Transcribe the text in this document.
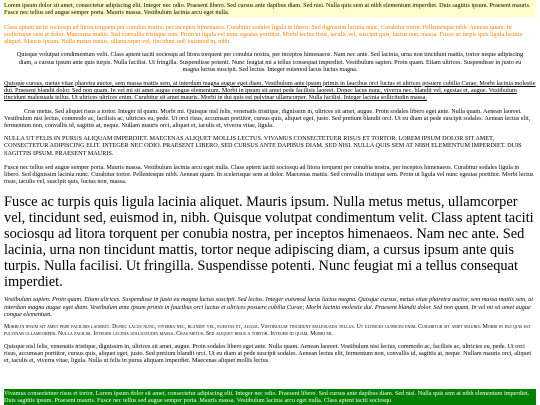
Lorem ipsum dolor sit amet, consectetur adipiscing elit. Integer nec odio. Praesent libero. Sed cursus ante dapibus diam. Sed nisi. Nulla quis sem at nibh elementum imperdiet. Duis sagittis ipsum. Praesent mauris. Fusce nec tellus sed augue semper porta. Mauris massa. Vestibulum lacinia arcu eget nulla.

Class aptent taciti sociosqu ad litora torquent per conubia nostra, per inceptos himenaeos. Curabitur sodales ligula in libero. Sed dignissim lacinia nunc. Curabitur tortor. Pellentesque nibh. Aenean quam. In scelerisque sem at dolor. Maecenas mattis. Sed convallis tristique sem. Proin ut ligula vel nunc egestas porttitor. Morbi lectus risus, iaculis vel, suscipit quis, luctus non, massa. Fusce ac turpis quis ligula lacinia aliquet. Mauris ipsum. Nulla metus metus, ullamcorper vel, tincidunt sed, euismod in, nibh.

Quisque volutpat condimentum velit. Class aptent taciti sociosqu ad litora torquent per conubia nostra, per inceptos himenaeos. Nam nec ante. Sed lacinia, urna non tincidunt mattis, tortor neque adipiscing diam, a cursus ipsum ante quis turpis. Nulla facilisi. Ut fringilla. Suspendisse potenti. Nunc feugiat mi a tellus consequat imperdiet. Vestibulum sapien. Proin quam. Etiam ultrices. Suspendisse in justo eu magna luctus suscipit. Sed lectus. Integer euismod lacus luctus magna.

Quisque cursus, metus vitae pharetra auctor, sem massa mattis sem, at interdum magna augue eget diam. Vestibulum ante ipsum primis in faucibus orci luctus et ultrices posuere cubilia Curae; Morbi lacinia molestie dui. Praesent blandit dolor. Sed non quam. In vel mi sit amet augue congue elementum. Morbi in ipsum sit amet pede facilisis laoreet. Donec lacus nunc, viverra nec, blandit vel, egestas et, augue. Vestibulum tincidunt malesuada tellus. Ut ultrices ultrices enim. Curabitur sit amet mauris. Morbi in dui quis est pulvinar ullamcorper. Nulla facilisi. Integer lacinia sollicitudin massa.

Cras metus. Sed aliquet risus a tortor. Integer id quam. Morbi mi. Quisque nisl felis, venenatis tristique, dignissim in, ultrices sit amet, augue. Proin sodales libero eget ante. Nulla quam. Aenean laoreet. Vestibulum nisi lectus, commodo ac, facilisis ac, ultricies eu, pede. Ut orci risus, accumsan porttitor, cursus quis, aliquet eget, justo. Sed pretium blandit orci. Ut eu diam at pede suscipit sodales. Aenean lectus elit, fermentum non, convallis id, sagittis at, neque. Nullam mauris orci, aliquet et, iaculis et, viverra vitae, ligula.

NULLA UT FELIS IN PURUS ALIQUAM IMPERDIET. MAECENAS ALIQUET MOLLIS LECTUS. VIVAMUS CONSECTETUER RISUS ET TORTOR. LOREM IPSUM DOLOR SIT AMET, CONSECTETUR ADIPISCING ELIT. INTEGER NEC ODIO. PRAESENT LIBERO. SED CURSUS ANTE DAPIBUS DIAM. SED NISI. NULLA QUIS SEM AT NIBH ELEMENTUM IMPERDIET. DUIS SAGITTIS IPSUM. PRAESENT MAURIS.

Fusce nec tellus sed augue semper porta. Mauris massa. Vestibulum lacinia arcu eget nulla. Class aptent taciti sociosqu ad litora torquent per conubia nostra, per inceptos himenaeos. Curabitur sodales ligula in libero. Sed dignissim lacinia nunc. Curabitur tortor. Pellentesque nibh. Aenean quam. In scelerisque sem at dolor. Maecenas mattis. Sed convallis tristique sem. Proin ut ligula vel nunc egestas porttitor. Morbi lectus risus, iaculis vel, suscipit quis, luctus non, massa.

Fusce ac turpis quis ligula lacinia aliquet. Mauris ipsum. Nulla metus metus, ullamcorper vel, tincidunt sed, euismod in, nibh. Quisque volutpat condimentum velit. Class aptent taciti sociosqu ad litora torquent per conubia nostra, per inceptos himenaeos. Nam nec ante. Sed lacinia, urna non tincidunt mattis, tortor neque adipiscing diam, a cursus ipsum ante quis turpis. Nulla facilisi. Ut fringilla. Suspendisse potenti. Nunc feugiat mi a tellus consequat imperdiet.

Vestibulum sapien. Proin quam. Etiam ultrices. Suspendisse in justo eu magna luctus suscipit. Sed lectus. Integer euismod lacus luctus magna. Quisque cursus, metus vitae pharetra auctor, sem massa mattis sem, at interdum magna augue eget diam. Vestibulum ante ipsum primis in faucibus orci luctus et ultrices posuere cubilia Curae; Morbi lacinia molestie dui. Praesent blandit dolor. Sed non quam. In vel mi sit amet augue congue elementum.

Morbi in ipsum sit amet pede facilisis laoreet. Donec lacus nunc, viverra nec, blandit vel, egestas et, augue. Vestibulum tincidunt malesuada tellus. Ut ultrices ultrices enim. Curabitur sit amet mauris. Morbi in dui quis est pulvinar ullamcorper. Nulla facilisi. Integer lacinia sollicitudin massa. Cras metus. Sed aliquet risus a tortor. Integer id quam. Morbi mi.

Quisque nisl felis, venenatis tristique, dignissim in, ultrices sit amet, augue. Proin sodales libero eget ante. Nulla quam. Aenean laoreet. Vestibulum nisi lectus, commodo ac, facilisis ac, ultricies eu, pede. Ut orci risus, accumsan porttitor, cursus quis, aliquet eget, justo. Sed pretium blandit orci. Ut eu diam at pede suscipit sodales. Aenean lectus elit, fermentum non, convallis id, sagittis at, neque. Nullam mauris orci, aliquet et, iaculis et, viverra vitae, ligula. Nulla ut felis in purus aliquam imperdiet. Maecenas aliquet mollis lectus.

Vivamus consectetuer risus et tortor. Lorem ipsum dolor sit amet, consectetur adipiscing elit. Integer nec odio. Praesent libero. Sed cursus ante dapibus diam. Sed nisi. Nulla quis sem at nibh elementum imperdiet. Duis sagittis ipsum. Praesent mauris. Fusce nec tellus sed augue semper porta. Mauris massa. Vestibulum lacinia arcu eget nulla. Class aptent taciti sociosqu
